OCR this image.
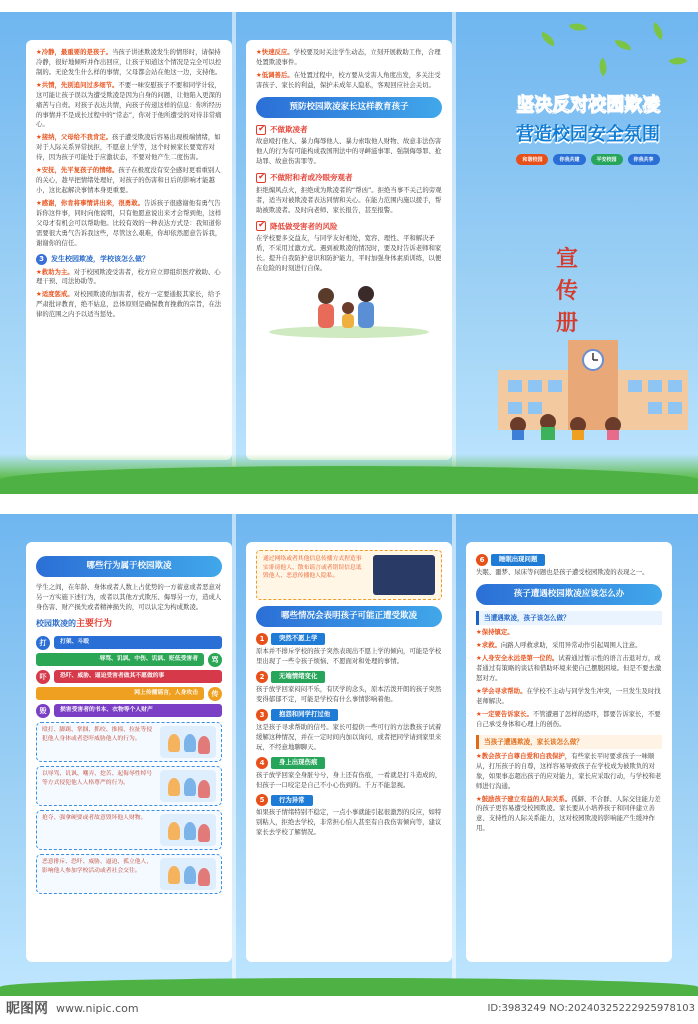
★冷静，最重要的是孩子。当孩子讲述欺凌发生的情形时，请保持冷静，很好地倾听并作出回应，让孩子知道这个情况是完全可以控制的。无论发生什么样的事情，父母都会站在他这一边，支持他。
★共情，先别追问过多细节。不要一味安慰孩子不要和同学计较，这可能让孩子误以为遭受欺凌是因为自身的问题，让他陷入更深的痛苦与自责。对孩子表达共情，向孩子传递这样的信息：你所经历的事情并不是成长过程中的“常态”，你对于他所遭受的对待非常痛心。
★接纳，父母给不我肯定。孩子遭受欺凌后容易出现极端情绪，如对于人际关系异常抗拒，不愿意上学等，这个时候家长要宽容对待，因为孩子可能处于应激状态，不要对他产生二度伤害。
★安抚，先平复孩子的情绪。孩子在极度没有安全感时更看重别人的关心，趁早把情绪处理好，对孩子的伤害和日后的影响才能越小，这比起解决事情本身更重要。
★感谢，你肯将事情讲出来，很勇敢。告诉孩子很感谢他有勇气告诉你这件事，同时向他说明，只有他愿意说出来才会帮到他，这样父母才有机会可以帮助他。比较有效的一种表达方式是：我知道你需要很大勇气告诉我这些，尽管这么艰难，你却依然愿意告诉我，谢谢你的信任。
3	发生校园欺凌，学校该怎么做？
★救助为主。对于校园欺凌受害者，校方应立即组织医疗救助、心理干预、司法协助等。
★适度惩戒。对校园欺凌的加害者，校方一定要通报其家长，给予严肃批评教育，绝不姑息，总体原则是确保教育挽救的宗旨，在法律的范围之内予以适当惩处。
★快速反应。学校要及时关注学生动态，立刻开展救助工作，合理处置欺凌事件。
★低调善后。在处置过程中，校方要从受害人角度出发，多关注受害孩子、家长的利益，保护未成年人隐私，客观回应社会关切。
预防校园欺凌家长这样教育孩子
✔
不做欺凌者
故意殴打他人、暴力侮辱他人、暴力索取他人财物、故意非法伤害他人的行为有可能构成我国刑法中的寻衅滋事罪、强制侮辱罪、抢劫罪、故意伤害罪等。
✔
不做附和者或冷眼旁观者
拒绝煽风点火，拒绝成为欺凌者的“帮凶”。拒绝当事不关己的旁观者，适当对被欺凌者表达同情和关心。在能力范围内施以援手，帮助被欺凌者。及时向老师、家长报告，甚至报警。
✔
降低做受害者的风险
在学校要多交益友，与同学友好相处，宽容、理性、平和解决矛盾，不采用过激方式。遇到被欺凌的情况时，要及时告诉老师和家长。提升自我防护意识和防护能力，平时加强身体素质训练，以便在危险的时刻进行自保。
坚决反对校园欺凌
营造校园安全氛围
和谐校园	你我共建	平安校园	你我共享
宣
传
册
哪些行为属于校园欺凌
学生之间，在年龄、身体或者人数上占优势的一方蓄意或者恶意对另一方实施下述行为，或者以其他方式欺压、侮辱另一方，造成人身伤害、财产损失或者精神损失的，可以认定为构成欺凌。
校园欺凌的主要行为
打	打架、斗殴
辱骂、讥讽、中伤、讥讽、贬低受害者	骂
吓	恐吓、威胁、逼迫受害者做其不愿做的事
网上传播谣言，人身攻击	传
毁	损害受害者的书本、衣物等个人财产
殴打、脚踢、掌掴、抓咬、推撞、拉扯等侵犯他人身体或者恐吓威胁他人的行为。
以辱骂、讥讽、嘲弄、挖苦、起侮辱性绰号等方式侵犯他人人格尊严的行为。
抢夺、强拿硬要或者故意毁坏他人财物。
恶意排斥、恐吓、威胁、逼迫、孤立他人，影响他人参加学校活动或者社会交往。
通过网络或者其他信息传播方式捏造事实诽谤他人、散布谣言或者错误信息诋毁他人、恶意传播他人隐私。
哪些情况会表明孩子可能正遭受欺凌
1	突然不愿上学
原本并不排斥学校的孩子突然表现出不愿上学的倾向，可能是学校里出现了一些令孩子烦恼、不愿面对和处理的事情。
2	无端情绪变化
孩子放学回家闷闷不乐，有厌学的念头，原本活泼开朗的孩子突然变得郁郁不定，可能是学校有什么事情影响着他。
3	抱怨和同学打过他
这是孩子寻求帮助的信号。家长可提供一些可行的方法教孩子试着缓解这种情况，并在一定时间内加以询问，或者把同学请到家里来玩，不经意地聊聊天。
4	身上出现伤痕
孩子放学回家全身脏兮兮，身上还有伤痕，一看就是打斗造成的，但孩子一口咬定是自己不小心伤到的。千万不能忽视。
5	行为异常
如果孩子情绪特别不稳定，一点小事就能引起很激烈的反应，如特别粘人，拒绝去学校，非常担心怕人甚至有自我伤害倾向等，建议家长去学校了解情况。
6	睡眠出现问题
失眠、噩梦、尿床等问题也是孩子遭受校园欺凌的表现之一。
孩子遭遇校园欺凌应该怎么办
当遭遇欺凌，孩子该怎么做？
★保持镇定。
★求救。向路人呼救求助，采用异常动作引起周围人注意。
★人身安全永远是第一位的。试着通过暂示性的语言击退对方，或者通过有策略的谈话和借助环境来使自己摆脱困境。但是不要去激怒对方。
★学会寻求帮助。在学校不主动与同学发生冲突，一旦发生及时找老师解决。
★一定要告诉家长。不管遭遇了怎样的恐吓，都要告诉家长，不要自己承受身体和心理上的创伤。
当孩子遭遇欺凌，家长该怎么做？
★教会孩子自尊自爱和自我保护，有些家长平时要求孩子一味顺从，打压孩子的自尊，这样容易导致孩子在学校成为被欺负的对象，如果事态超出孩子的应对能力，家长应采取行动，与学校和老师进行沟通。
★鼓励孩子建立有益的人际关系。孤僻、不合群、人际交往能力差的孩子更容易遭受校园欺凌。家长要从小培养孩子和同伴建立善意、支持性的人际关系能力，这对校园欺凌的影响能产生缓冲作用。
昵图网 www.nipic.com	ID:3983249 NO:20240325222925978103
